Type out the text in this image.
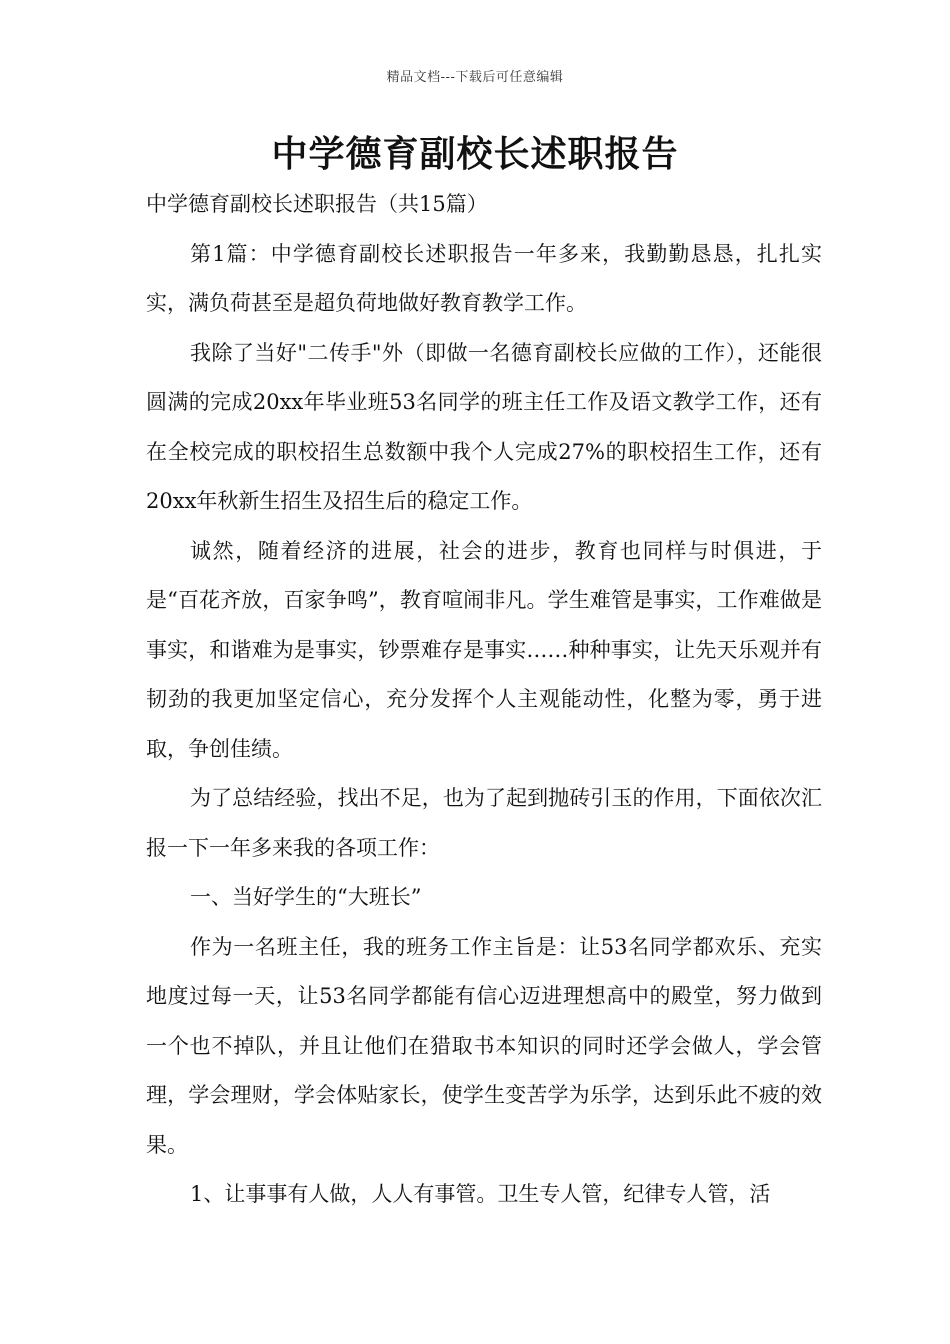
精品文档---下载后可任意编辑
中学德育副校长述职报告

中学德育副校长述职报告（共15篇）

第1篇：中学德育副校长述职报告一年多来，我勤勤恳恳，扎扎实实，满负荷甚至是超负荷地做好教育教学工作。

我除了当好"二传手"外（即做一名德育副校长应做的工作），还能很圆满的完成20xx年毕业班53名同学的班主任工作及语文教学工作，还有在全校完成的职校招生总数额中我个人完成27%的职校招生工作，还有20xx年秋新生招生及招生后的稳定工作。

诚然，随着经济的进展，社会的进步，教育也同样与时俱进，于是“百花齐放，百家争鸣”，教育喧闹非凡。学生难管是事实，工作难做是事实，和谐难为是事实，钞票难存是事实……种种事实，让先天乐观并有韧劲的我更加坚定信心，充分发挥个人主观能动性，化整为零，勇于进取，争创佳绩。

为了总结经验，找出不足，也为了起到抛砖引玉的作用，下面依次汇报一下一年多来我的各项工作：

一、当好学生的“大班长”

作为一名班主任，我的班务工作主旨是：让53名同学都欢乐、充实地度过每一天，让53名同学都能有信心迈进理想高中的殿堂，努力做到一个也不掉队，并且让他们在猎取书本知识的同时还学会做人，学会管理，学会理财，学会体贴家长，使学生变苦学为乐学，达到乐此不疲的效果。

1、让事事有人做，人人有事管。卫生专人管，纪律专人管，活
